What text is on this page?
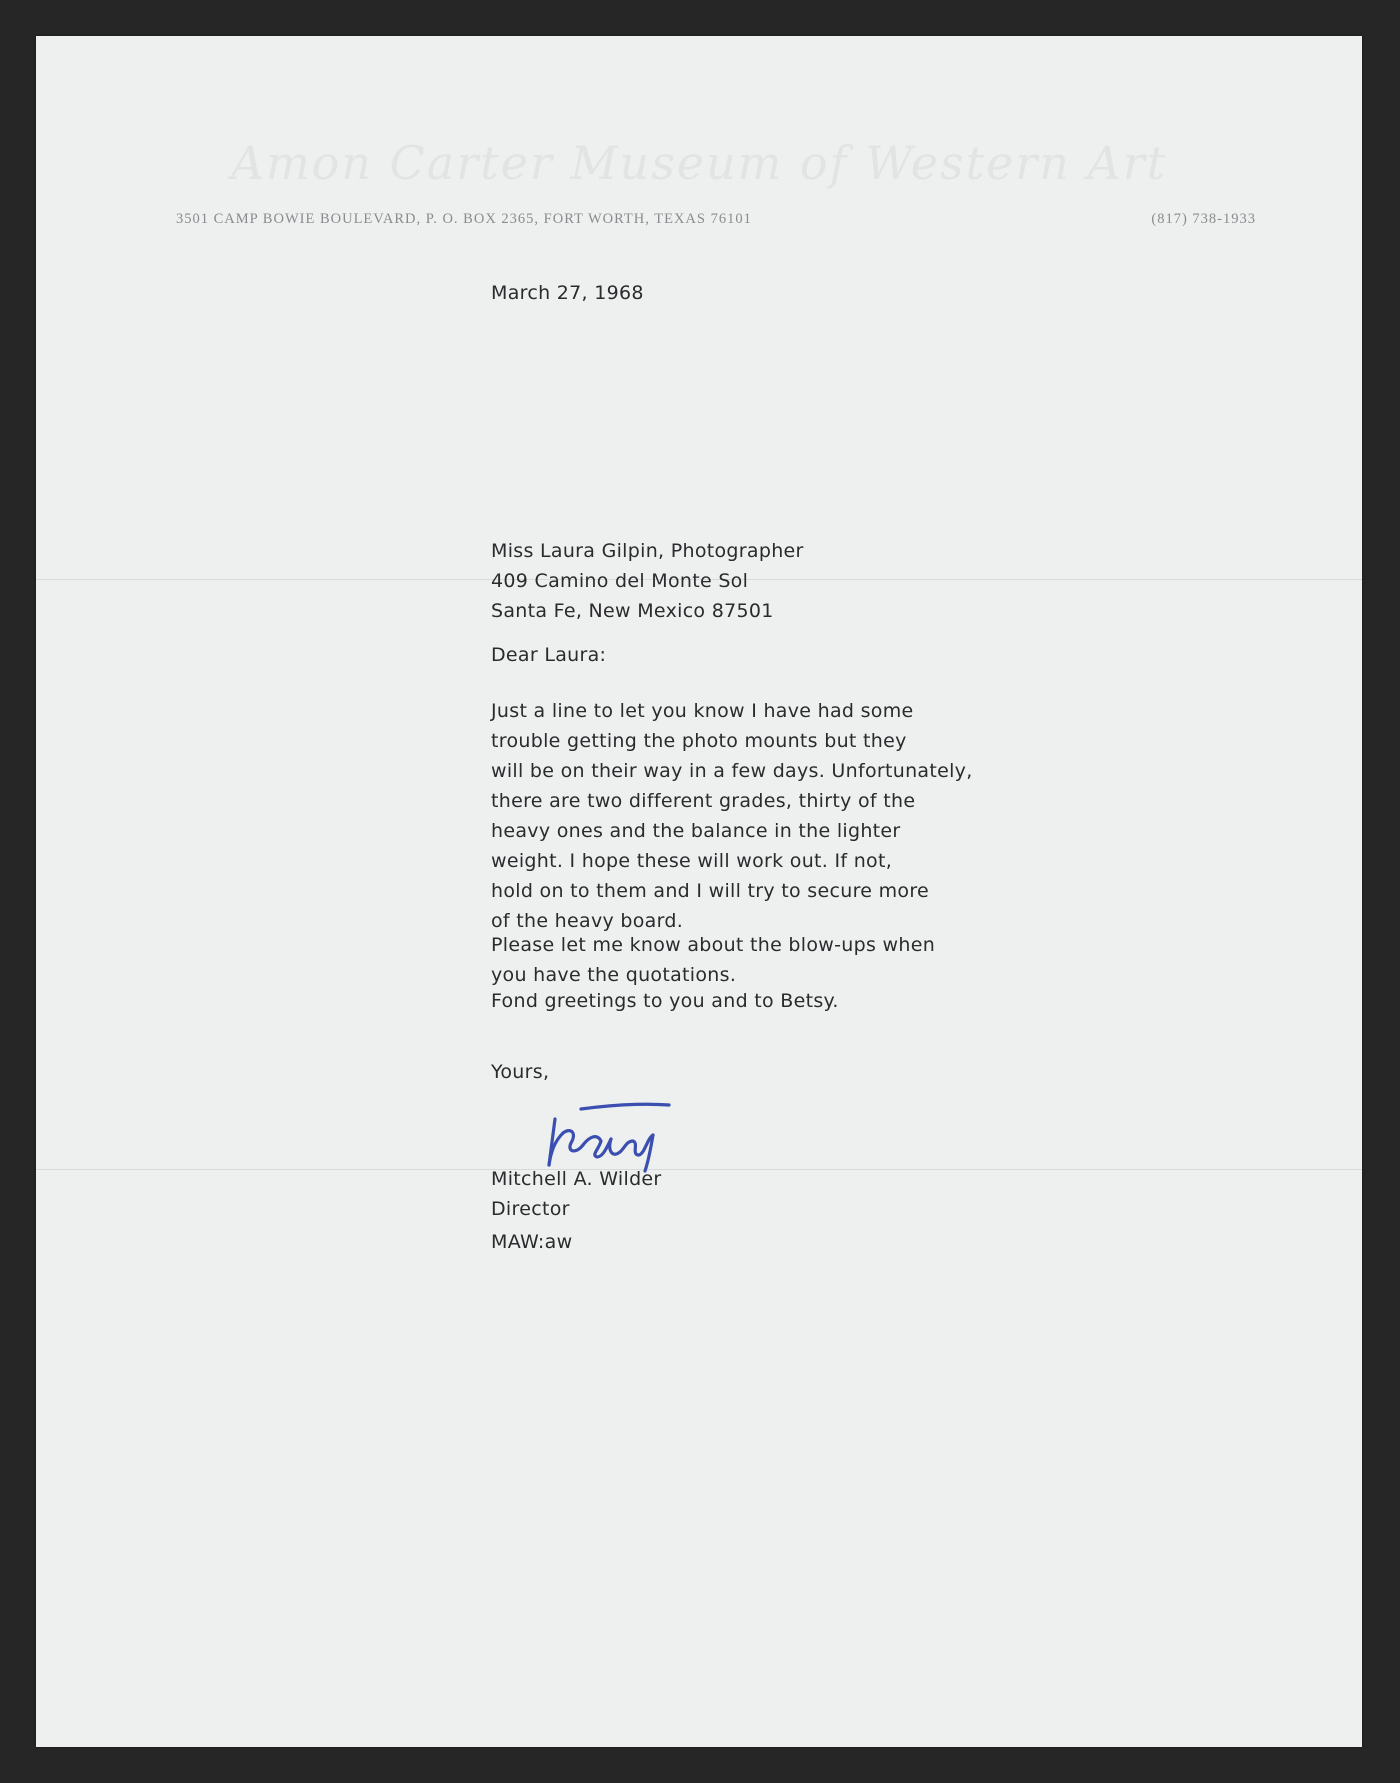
Amon Carter Museum of Western Art
3501 CAMP BOWIE BOULEVARD, P. O. BOX 2365, FORT WORTH, TEXAS 76101	(817) 738-1933
March 27, 1968
Miss Laura Gilpin, Photographer
409 Camino del Monte Sol
Santa Fe, New Mexico 87501
Dear Laura:
Just a line to let you know I have had some
trouble getting the photo mounts but they
will be on their way in a few days. Unfortunately,
there are two different grades, thirty of the
heavy ones and the balance in the lighter
weight. I hope these will work out. If not,
hold on to them and I will try to secure more
of the heavy board.
Please let me know about the blow-ups when
you have the quotations.
Fond greetings to you and to Betsy.
Yours,
Mitchell A. Wilder
Director
MAW:aw
